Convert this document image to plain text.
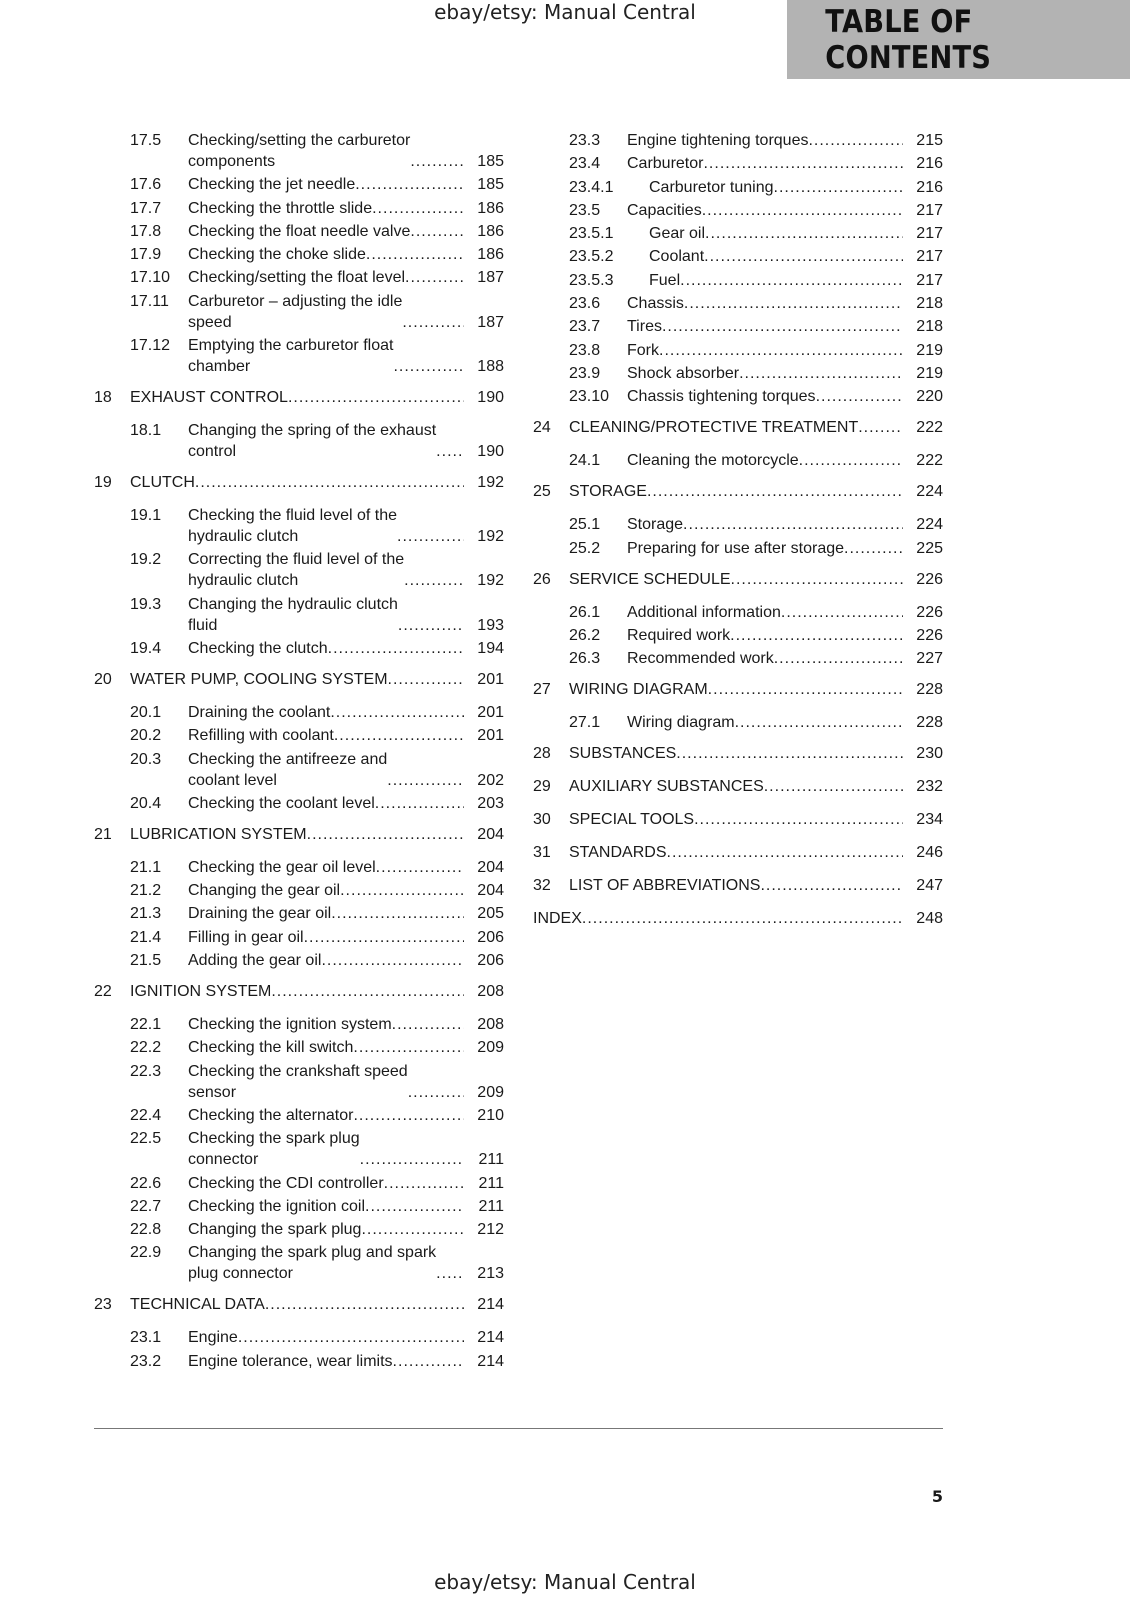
ebay/etsy: Manual Central	TABLE OF CONTENTS
17.5	Checking/setting the carburetor
components .....	185
17.6	Checking the jet needle .....	185
17.7	Checking the throttle slide .....	186
17.8	Checking the float needle valve .....	186
17.9	Checking the choke slide .....	186
17.10	Checking/setting the float level .....	187
17.11	Carburetor – adjusting the idle
speed .....	187
17.12	Emptying the carburetor float
chamber .....	188
18	EXHAUST CONTROL .....	190
18.1	Changing the spring of the exhaust
control .....	190
19	CLUTCH .....	192
19.1	Checking the fluid level of the
hydraulic clutch .....	192
19.2	Correcting the fluid level of the
hydraulic clutch .....	192
19.3	Changing the hydraulic clutch
fluid .....	193
19.4	Checking the clutch .....	194
20	WATER PUMP, COOLING SYSTEM .....	201
20.1	Draining the coolant .....	201
20.2	Refilling with coolant .....	201
20.3	Checking the antifreeze and
coolant level .....	202
20.4	Checking the coolant level .....	203
21	LUBRICATION SYSTEM .....	204
21.1	Checking the gear oil level .....	204
21.2	Changing the gear oil .....	204
21.3	Draining the gear oil .....	205
21.4	Filling in gear oil .....	206
21.5	Adding the gear oil .....	206
22	IGNITION SYSTEM .....	208
22.1	Checking the ignition system .....	208
22.2	Checking the kill switch .....	209
22.3	Checking the crankshaft speed
sensor .....	209
22.4	Checking the alternator .....	210
22.5	Checking the spark plug
connector .....	211
22.6	Checking the CDI controller .....	211
22.7	Checking the ignition coil .....	211
22.8	Changing the spark plug .....	212
22.9	Changing the spark plug and spark
plug connector .....	213
23	TECHNICAL DATA .....	214
23.1	Engine .....	214
23.2	Engine tolerance, wear limits .....	214
23.3	Engine tightening torques .....	215
23.4	Carburetor .....	216
23.4.1	Carburetor tuning .....	216
23.5	Capacities .....	217
23.5.1	Gear oil .....	217
23.5.2	Coolant .....	217
23.5.3	Fuel .....	217
23.6	Chassis .....	218
23.7	Tires .....	218
23.8	Fork .....	219
23.9	Shock absorber .....	219
23.10	Chassis tightening torques .....	220
24	CLEANING/PROTECTIVE TREATMENT .....	222
24.1	Cleaning the motorcycle .....	222
25	STORAGE .....	224
25.1	Storage .....	224
25.2	Preparing for use after storage .....	225
26	SERVICE SCHEDULE .....	226
26.1	Additional information .....	226
26.2	Required work .....	226
26.3	Recommended work .....	227
27	WIRING DIAGRAM .....	228
27.1	Wiring diagram .....	228
28	SUBSTANCES .....	230
29	AUXILIARY SUBSTANCES .....	232
30	SPECIAL TOOLS .....	234
31	STANDARDS .....	246
32	LIST OF ABBREVIATIONS .....	247
INDEX .....	248
5
ebay/etsy: Manual Central
